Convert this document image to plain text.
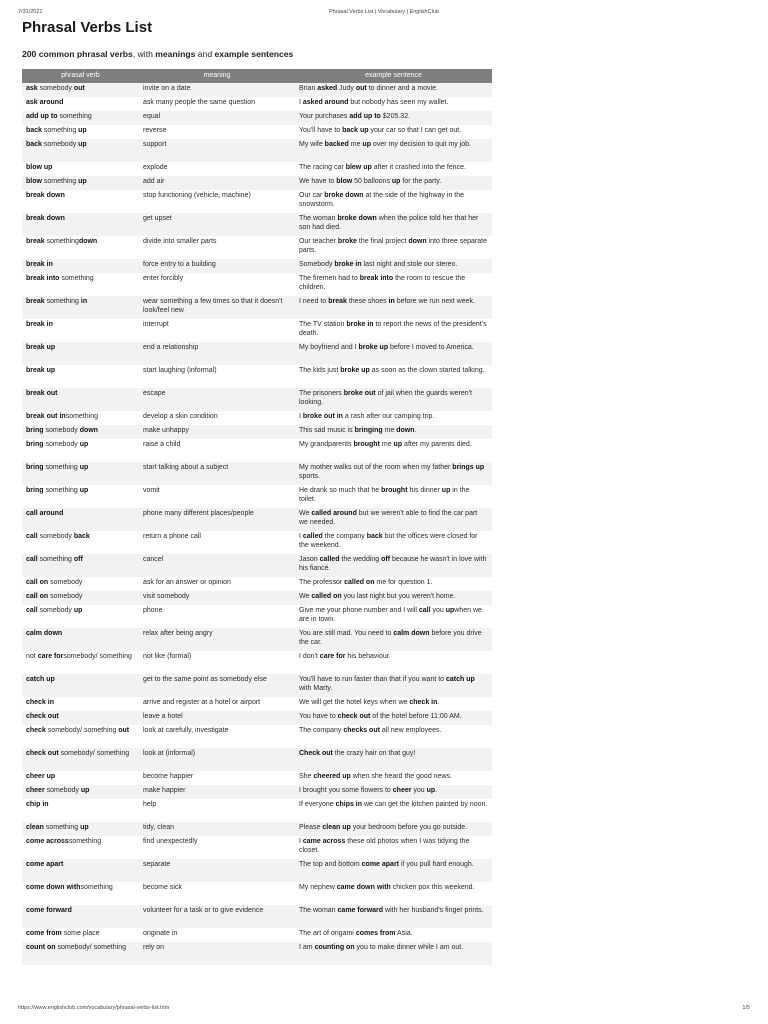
7/31/2021	Phrasal Verbs List | Vocabulary | EnglishClub
Phrasal Verbs List
200 common phrasal verbs, with meanings and example sentences
phrasal verb	meaning	example sentence
ask somebody out	invite on a date	Brian asked Judy out to dinner and a movie.
ask around	ask many people the same question	I asked around but nobody has seen my wallet.
add up to something	equal	Your purchases add up to $205.32.
back something up	reverse	You'll have to back up your car so that I can get out.
back somebody up	support	My wife backed me up over my decision to quit my job.
blow up	explode	The racing car blew up after it crashed into the fence.
blow something up	add air	We have to blow 50 balloons up for the party.
break down	stop functioning (vehicle, machine)	Our car broke down at the side of the highway in the snowstorm.
break down	get upset	The woman broke down when the police told her that her son had died.
break somethingdown	divide into smaller parts	Our teacher broke the final project down into three separate parts.
break in	force entry to a building	Somebody broke in last night and stole our stereo.
break into something	enter forcibly	The firemen had to break into the room to rescue the children.
break something in	wear something a few times so that it doesn't look/feel new	I need to break these shoes in before we run next week.
break in	interrupt	The TV station broke in to report the news of the president's death.
break up	end a relationship	My boyfriend and I broke up before I moved to America.
break up	start laughing (informal)	The kids just broke up as soon as the clown started talking.
break out	escape	The prisoners broke out of jail when the guards weren't looking.
break out insomething	develop a skin condition	I broke out in a rash after our camping trip.
bring somebody down	make unhappy	This sad music is bringing me down.
bring somebody up	raise a child	My grandparents brought me up after my parents died.
bring something up	start talking about a subject	My mother walks out of the room when my father brings up sports.
bring something up	vomit	He drank so much that he brought his dinner up in the toilet.
call around	phone many different places/people	We called around but we weren't able to find the car part we needed.
call somebody back	return a phone call	I called the company back but the offices were closed for the weekend.
call something off	cancel	Jason called the wedding off because he wasn't in love with his fiancé.
call on somebody	ask for an answer or opinion	The professor called on me for question 1.
call on somebody	visit somebody	We called on you last night but you weren't home.
call somebody up	phone	Give me your phone number and I will call you upwhen we are in town.
calm down	relax after being angry	You are still mad. You need to calm down before you drive the car.
not care forsomebody/ something	not like (formal)	I don't care for his behaviour.
catch up	get to the same point as somebody else	You'll have to run faster than that if you want to catch up with Marty.
check in	arrive and register at a hotel or airport	We will get the hotel keys when we check in.
check out	leave a hotel	You have to check out of the hotel before 11:00 AM.
check somebody/ something out	look at carefully, investigate	The company checks out all new employees.
check out somebody/ something	look at (informal)	Check out the crazy hair on that guy!
cheer up	become happier	She cheered up when she heard the good news.
cheer somebody up	make happier	I brought you some flowers to cheer you up.
chip in	help	If everyone chips in we can get the kitchen painted by noon.
clean something up	tidy, clean	Please clean up your bedroom before you go outside.
come acrosssomething	find unexpectedly	I came across these old photos when I was tidying the closet.
come apart	separate	The top and bottom come apart if you pull hard enough.
come down withsomething	become sick	My nephew came down with chicken pox this weekend.
come forward	volunteer for a task or to give evidence	The woman came forward with her husband's finger prints.
come from some place	originate in	The art of origami comes from Asia.
count on somebody/ something	rely on	I am counting on you to make dinner while I am out.
https://www.englishclub.com/vocabulary/phrasal-verbs-list.htm	1/5
